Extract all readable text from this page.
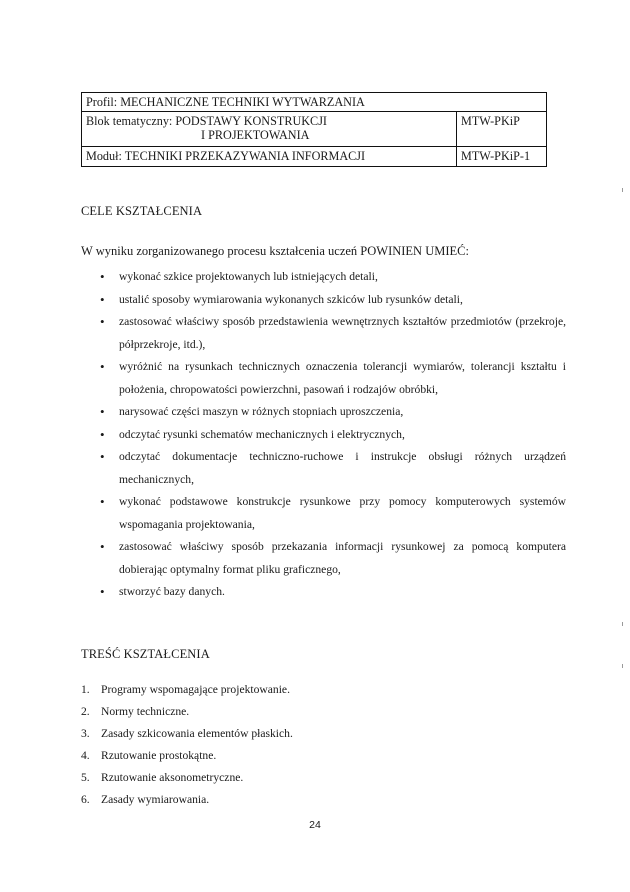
Profil: MECHANICZNE TECHNIKI WYTWARZANIA	
Blok tematyczny: PODSTAWY KONSTRUKCJI
I PROJEKTOWANIA	MTW-PKiP
Moduł: TECHNIKI PRZEKAZYWANIA INFORMACJI	MTW-PKiP-1
CELE KSZTAŁCENIA
W wyniku zorganizowanego procesu kształcenia uczeń POWINIEN UMIEĆ:
• wykonać szkice projektowanych lub istniejących detali,
• ustalić sposoby wymiarowania wykonanych szkiców lub rysunków detali,
• zastosować właściwy sposób przedstawienia wewnętrznych kształtów przedmiotów (przekroje, półprzekroje, itd.),
• wyróżnić na rysunkach technicznych oznaczenia tolerancji wymiarów, tolerancji kształtu i położenia, chropowatości powierzchni, pasowań i rodzajów obróbki,
• narysować części maszyn w różnych stopniach uproszczenia,
• odczytać rysunki schematów mechanicznych i elektrycznych,
• odczytać dokumentacje techniczno-ruchowe i instrukcje obsługi różnych urządzeń mechanicznych,
• wykonać podstawowe konstrukcje rysunkowe przy pomocy komputerowych systemów wspomagania projektowania,
• zastosować właściwy sposób przekazania informacji rysunkowej za pomocą komputera dobierając optymalny format pliku graficznego,
• stworzyć bazy danych.
TREŚĆ KSZTAŁCENIA
1. Programy wspomagające projektowanie.
2. Normy techniczne.
3. Zasady szkicowania elementów płaskich.
4. Rzutowanie prostokątne.
5. Rzutowanie aksonometryczne.
6. Zasady wymiarowania.
24
